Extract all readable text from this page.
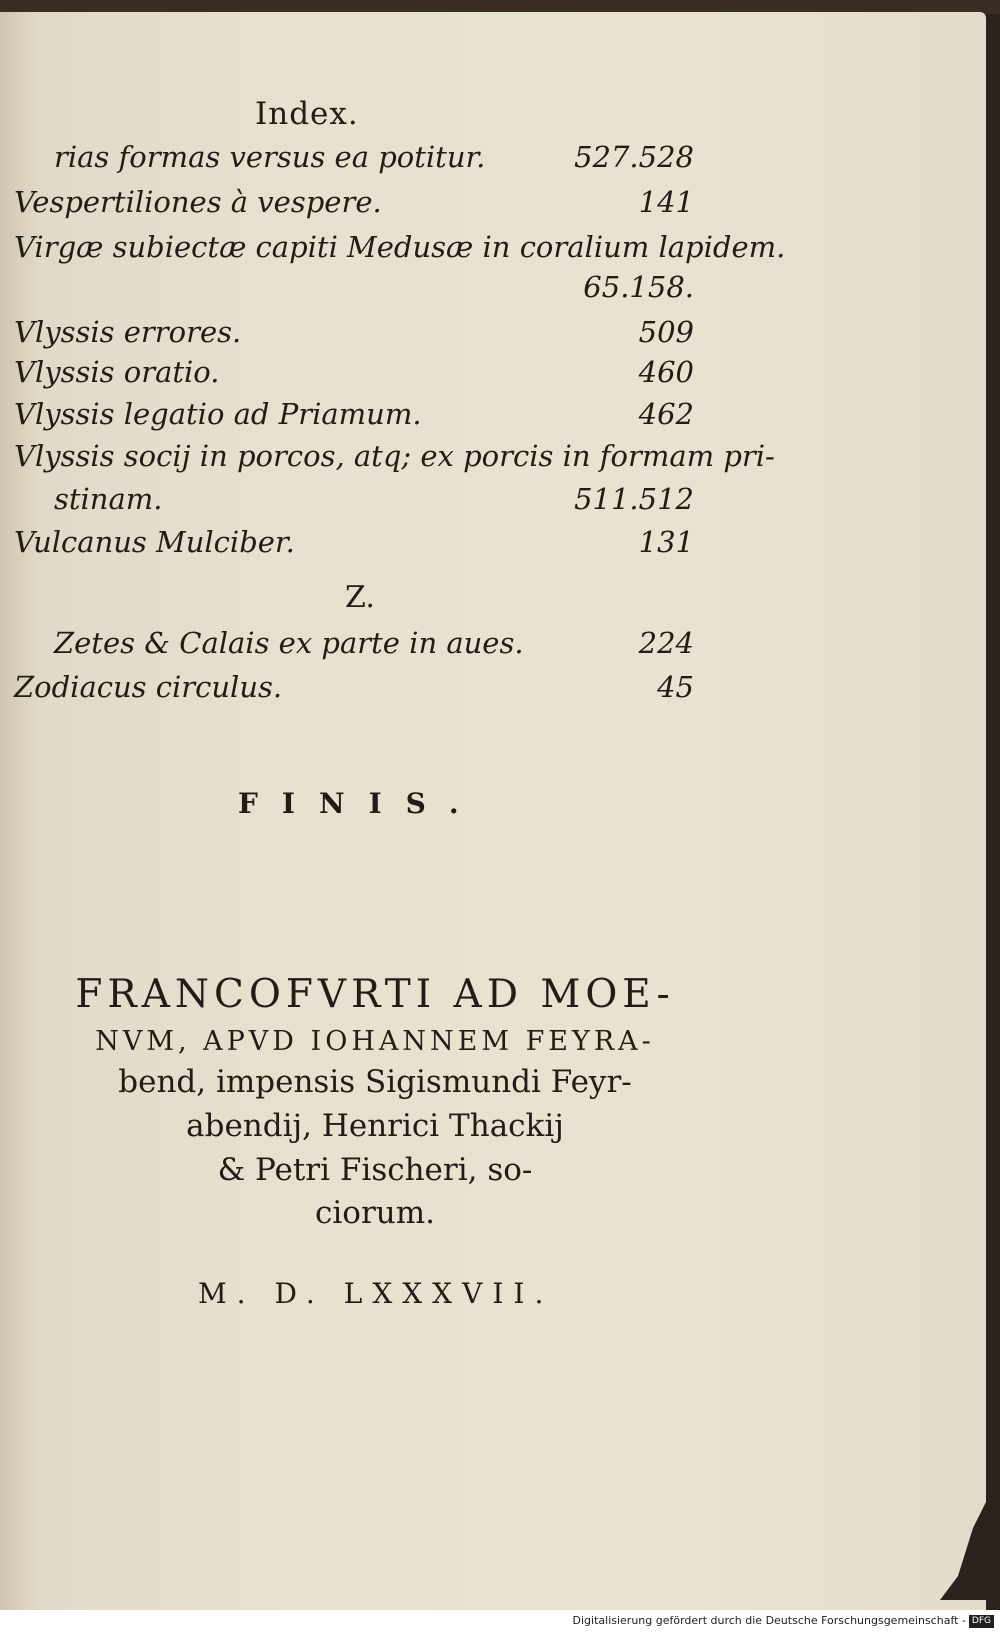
Index.
rias formas versus ea potitur.	527.528
Vespertiliones à vespere.	141
Virgæ subiectæ capiti Medusæ in coralium lapidem.
65.158.
Vlyssis errores.	509
Vlyssis oratio.	460
Vlyssis legatio ad Priamum.	462
Vlyssis socij in porcos, atq; ex porcis in formam pri-
stinam.	511.512
Vulcanus Mulciber.	131
Z.
Zetes & Calais ex parte in aues.	224
Zodiacus circulus.	45
FINIS.
FRANCOFVRTI AD MOE-
NVM, APVD IOHANNEM FEYRA-
bend, impensis Sigismundi Feyr-
abendij, Henrici Thackij
& Petri Fischeri, so-
ciorum.
M. D. LXXXVII.
Digitalisierung gefördert durch die Deutsche Forschungsgemeinschaft - DFG
